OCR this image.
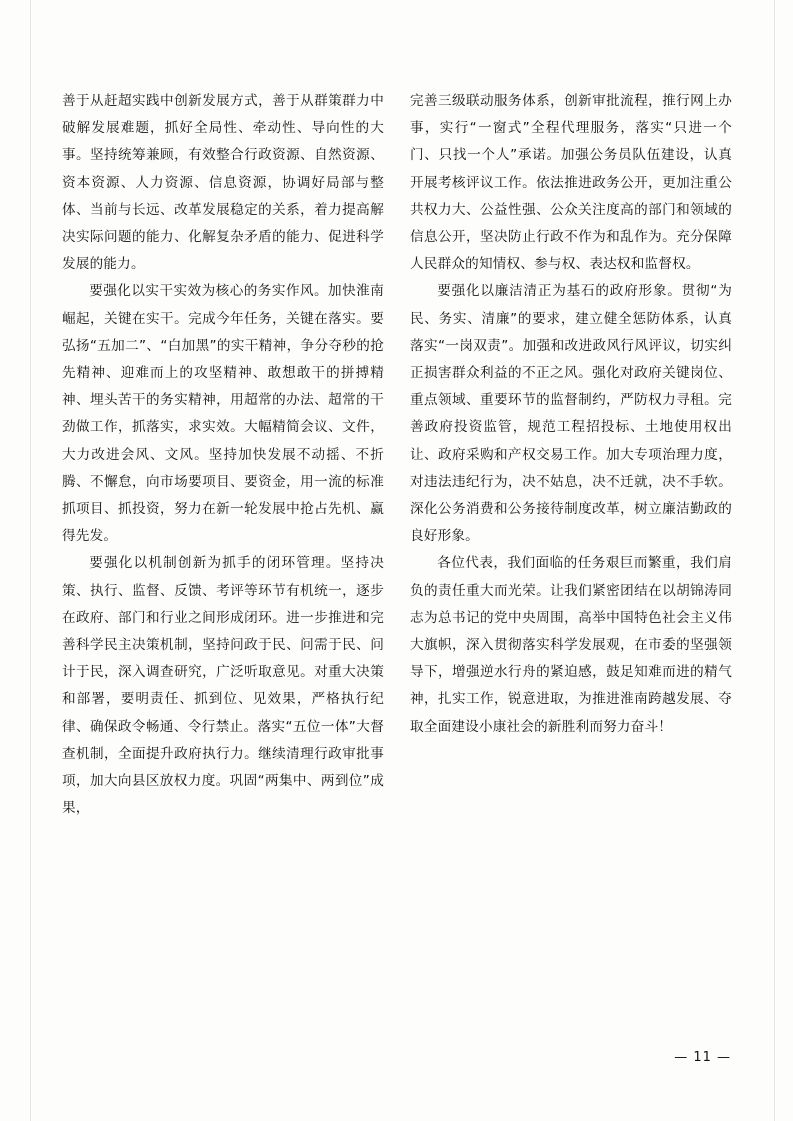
善于从赶超实践中创新发展方式，善于从群策群力中破解发展难题，抓好全局性、牵动性、导向性的大事。坚持统筹兼顾，有效整合行政资源、自然资源、资本资源、人力资源、信息资源，协调好局部与整体、当前与长远、改革发展稳定的关系，着力提高解决实际问题的能力、化解复杂矛盾的能力、促进科学发展的能力。

要强化以实干实效为核心的务实作风。加快淮南崛起，关键在实干。完成今年任务，关键在落实。要弘扬“五加二”、“白加黑”的实干精神，争分夺秒的抢先精神、迎难而上的攻坚精神、敢想敢干的拼搏精神、埋头苦干的务实精神，用超常的办法、超常的干劲做工作，抓落实，求实效。大幅精简会议、文件，大力改进会风、文风。坚持加快发展不动摇、不折腾、不懈怠，向市场要项目、要资金，用一流的标准抓项目、抓投资，努力在新一轮发展中抢占先机、赢得先发。

要强化以机制创新为抓手的闭环管理。坚持决策、执行、监督、反馈、考评等环节有机统一，逐步在政府、部门和行业之间形成闭环。进一步推进和完善科学民主决策机制，坚持问政于民、问需于民、问计于民，深入调查研究，广泛听取意见。对重大决策和部署，要明责任、抓到位、见效果，严格执行纪律、确保政令畅通、令行禁止。落实“五位一体”大督查机制，全面提升政府执行力。继续清理行政审批事项，加大向县区放权力度。巩固“两集中、两到位”成果，

完善三级联动服务体系，创新审批流程，推行网上办事，实行“一窗式”全程代理服务，落实“只进一个门、只找一个人”承诺。加强公务员队伍建设，认真开展考核评议工作。依法推进政务公开，更加注重公共权力大、公益性强、公众关注度高的部门和领域的信息公开，坚决防止行政不作为和乱作为。充分保障人民群众的知情权、参与权、表达权和监督权。

要强化以廉洁清正为基石的政府形象。贯彻“为民、务实、清廉”的要求，建立健全惩防体系，认真落实“一岗双责”。加强和改进政风行风评议，切实纠正损害群众利益的不正之风。强化对政府关键岗位、重点领域、重要环节的监督制约，严防权力寻租。完善政府投资监管，规范工程招投标、土地使用权出让、政府采购和产权交易工作。加大专项治理力度，对违法违纪行为，决不姑息，决不迁就，决不手软。深化公务消费和公务接待制度改革，树立廉洁勤政的良好形象。

各位代表，我们面临的任务艰巨而繁重，我们肩负的责任重大而光荣。让我们紧密团结在以胡锦涛同志为总书记的党中央周围，高举中国特色社会主义伟大旗帜，深入贯彻落实科学发展观，在市委的坚强领导下，增强逆水行舟的紧迫感，鼓足知难而进的精气神，扎实工作，锐意进取，为推进淮南跨越发展、夺取全面建设小康社会的新胜利而努力奋斗！

— 11 —
